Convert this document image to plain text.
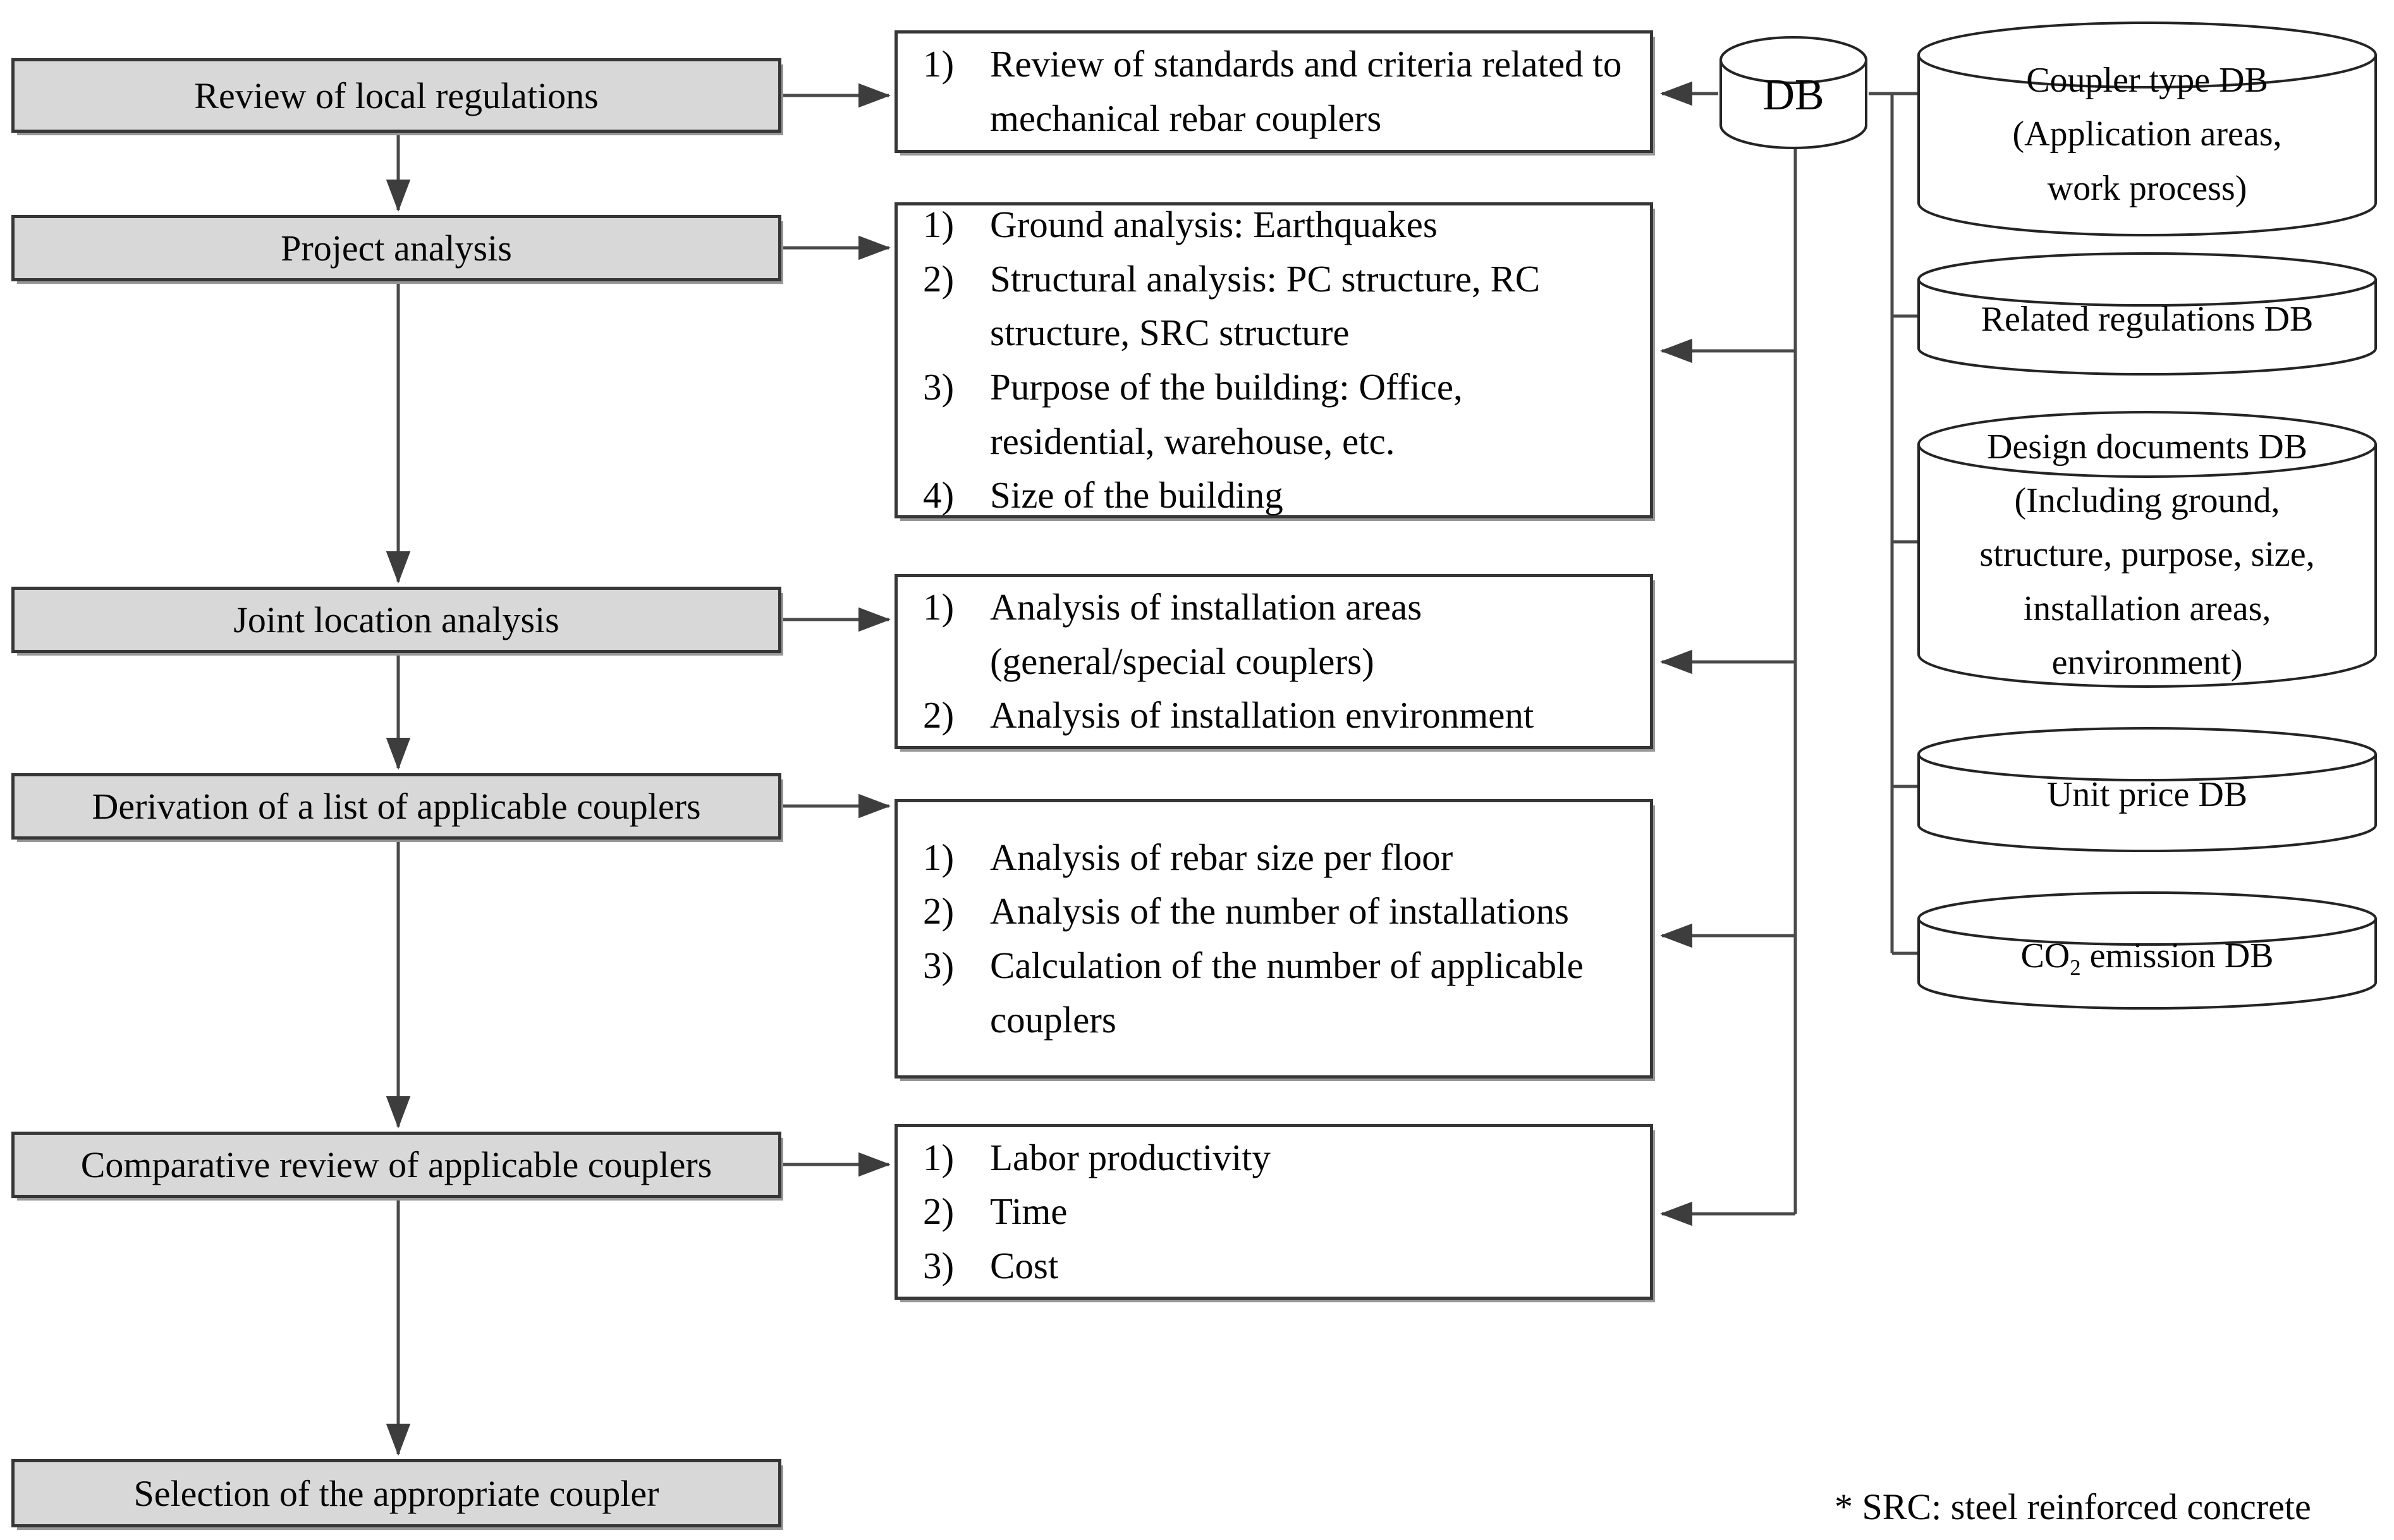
Review of local regulations
Project analysis
Joint location analysis
Derivation of a list of applicable couplers
Comparative review of applicable couplers
Selection of the appropriate coupler
1) Review of standards and criteria related to mechanical rebar couplers
1) Ground analysis: Earthquakes
2) Structural analysis: PC structure, RC structure, SRC structure
3) Purpose of the building: Office, residential, warehouse, etc.
4) Size of the building
1) Analysis of installation areas (general/special couplers)
2) Analysis of installation environment
1) Analysis of rebar size per floor
2) Analysis of the number of installations
3) Calculation of the number of applicable couplers
1) Labor productivity
2) Time
3) Cost
DB	Coupler type DB
(Application areas,
work process)
Related regulations DB
Design documents DB
(Including ground,
structure, purpose, size,
installation areas,
environment)
Unit price DB
$CO_2$ emission DB
* SRC: steel reinforced concrete
